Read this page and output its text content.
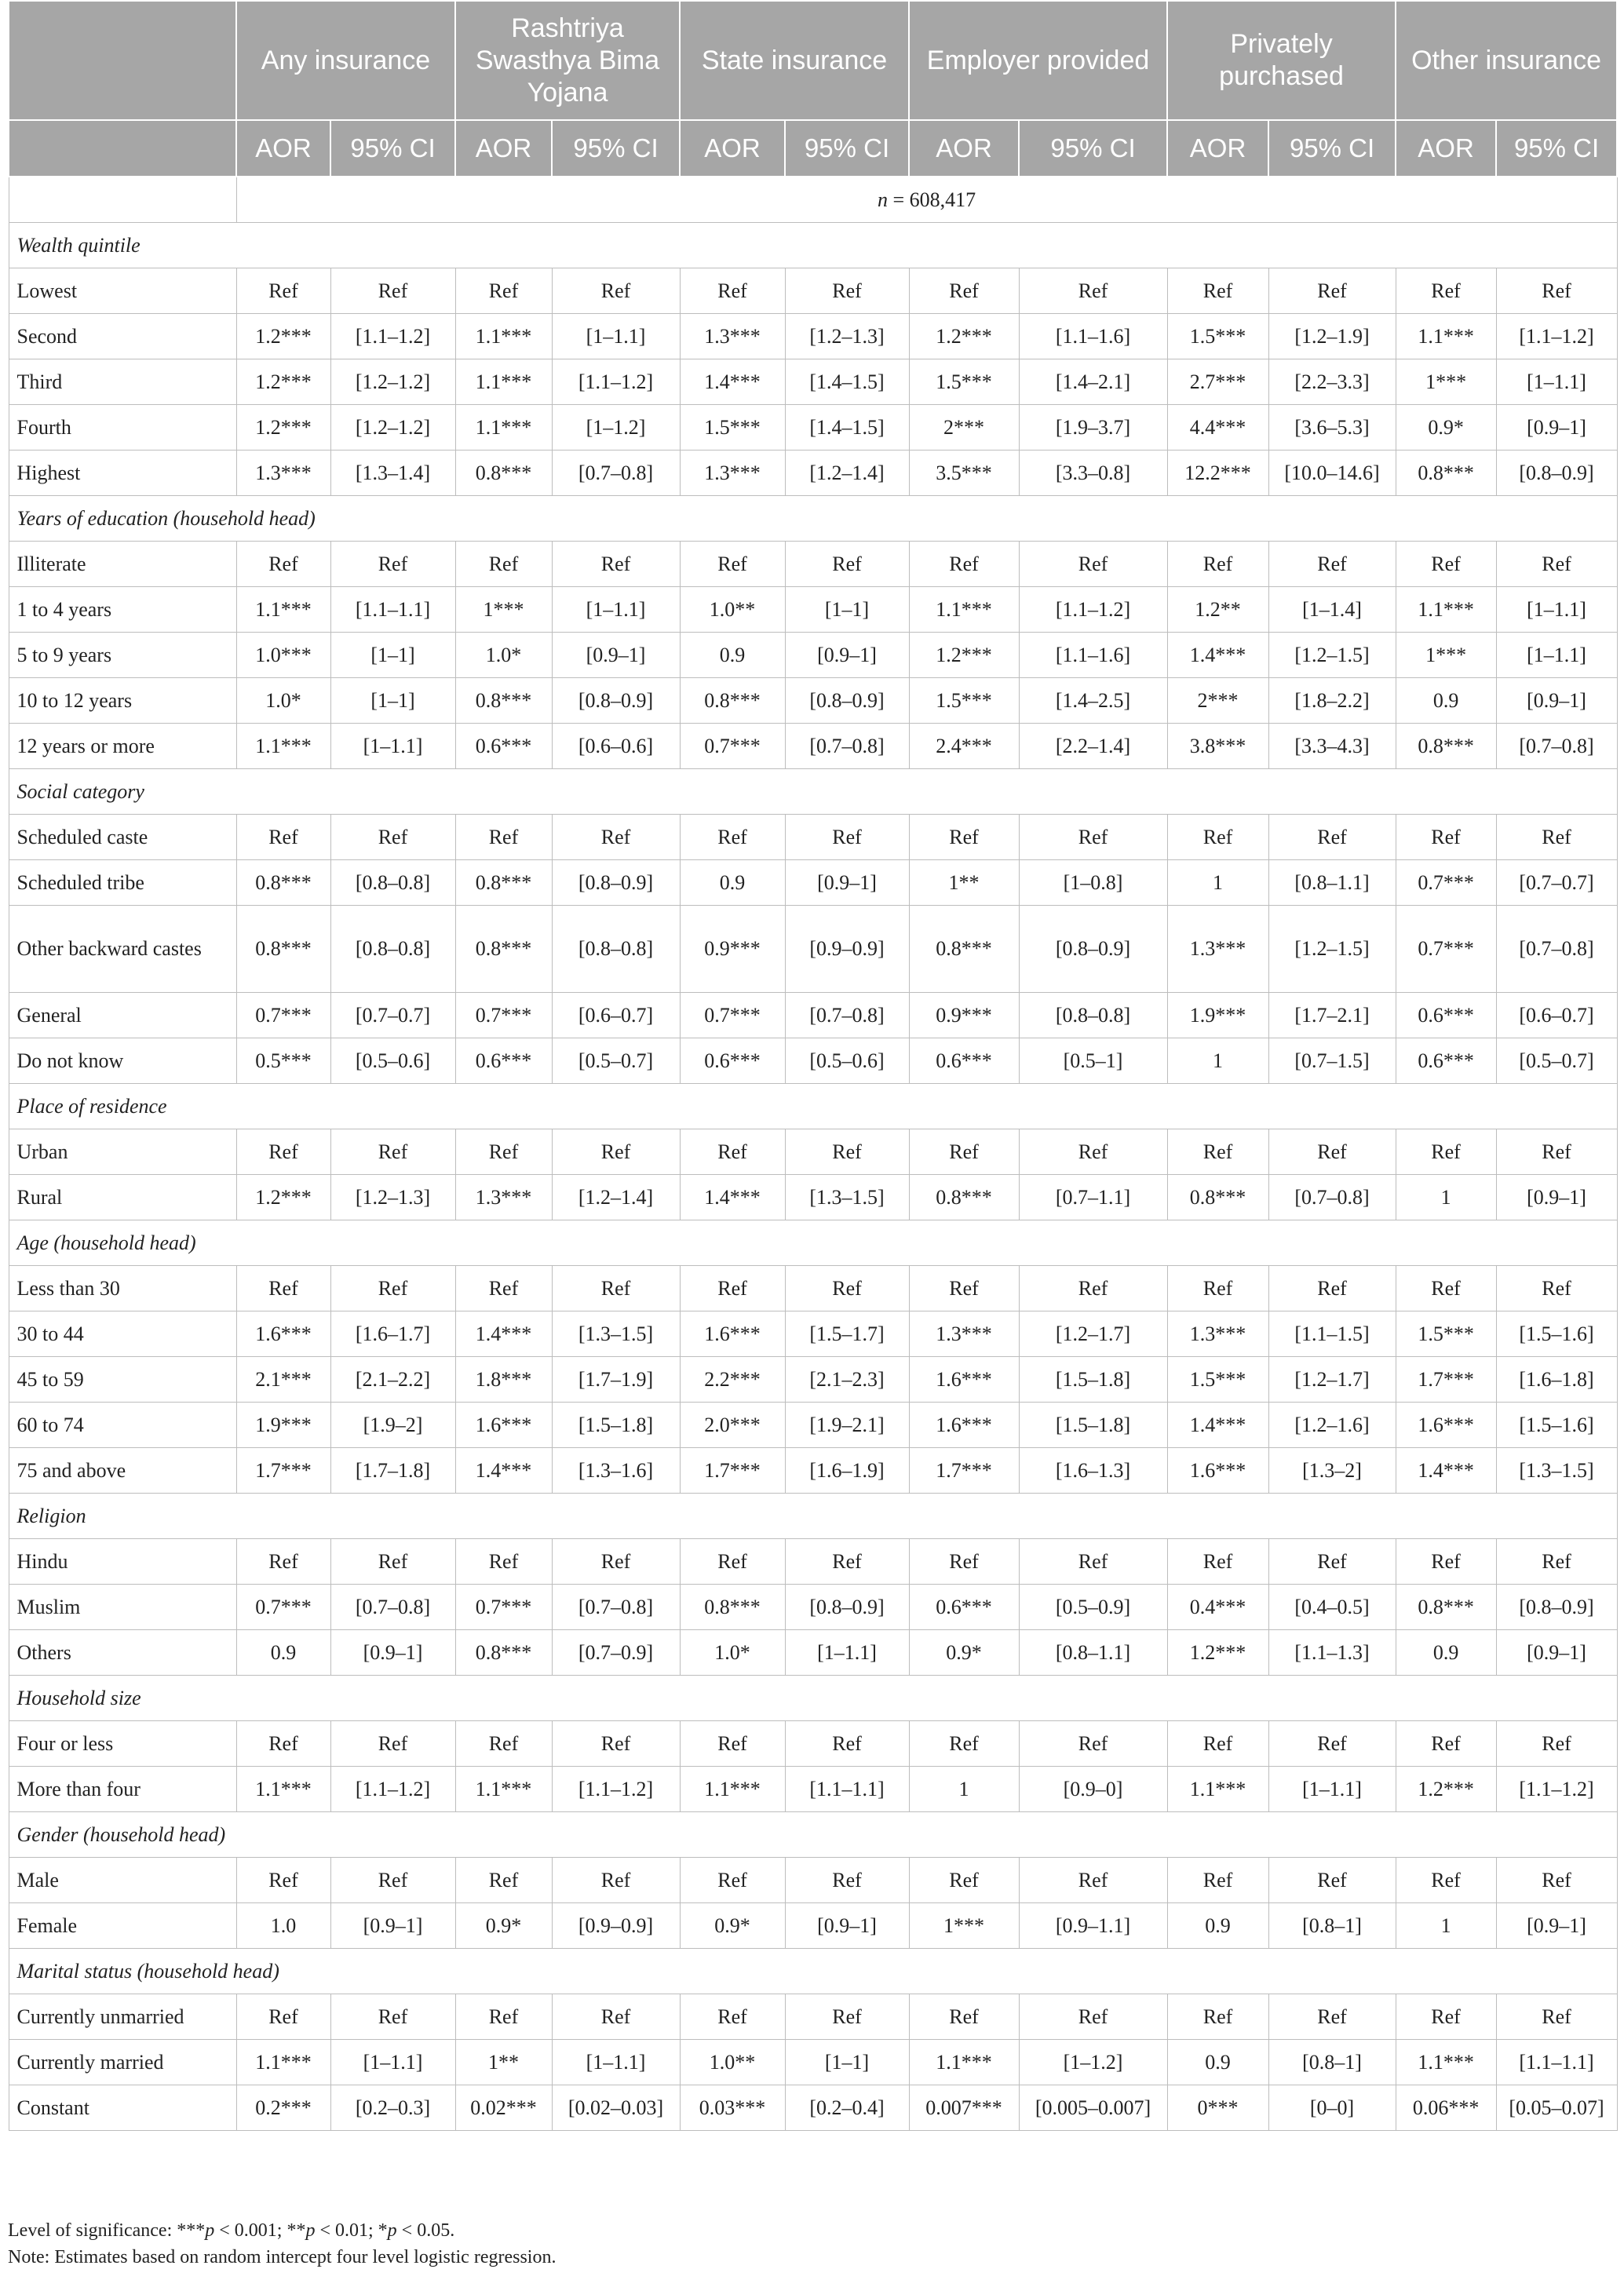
	Any insurance		Rashtriya Swasthya Bima Yojana		State insurance		Employer provided		Privately purchased		Other insurance	
	AOR	95% CI	AOR	95% CI	AOR	95% CI	AOR	95% CI	AOR	95% CI	AOR	95% CI
	n = 608,417											
Wealth quintile												
Lowest	Ref	Ref	Ref	Ref	Ref	Ref	Ref	Ref	Ref	Ref	Ref	Ref
Second	1.2***	[1.1–1.2]	1.1***	[1–1.1]	1.3***	[1.2–1.3]	1.2***	[1.1–1.6]	1.5***	[1.2–1.9]	1.1***	[1.1–1.2]
Third	1.2***	[1.2–1.2]	1.1***	[1.1–1.2]	1.4***	[1.4–1.5]	1.5***	[1.4–2.1]	2.7***	[2.2–3.3]	1***	[1–1.1]
Fourth	1.2***	[1.2–1.2]	1.1***	[1–1.2]	1.5***	[1.4–1.5]	2***	[1.9–3.7]	4.4***	[3.6–5.3]	0.9*	[0.9–1]
Highest	1.3***	[1.3–1.4]	0.8***	[0.7–0.8]	1.3***	[1.2–1.4]	3.5***	[3.3–0.8]	12.2***	[10.0–14.6]	0.8***	[0.8–0.9]
Years of education (household head)												
Illiterate	Ref	Ref	Ref	Ref	Ref	Ref	Ref	Ref	Ref	Ref	Ref	Ref
1 to 4 years	1.1***	[1.1–1.1]	1***	[1–1.1]	1.0**	[1–1]	1.1***	[1.1–1.2]	1.2**	[1–1.4]	1.1***	[1–1.1]
5 to 9 years	1.0***	[1–1]	1.0*	[0.9–1]	0.9	[0.9–1]	1.2***	[1.1–1.6]	1.4***	[1.2–1.5]	1***	[1–1.1]
10 to 12 years	1.0*	[1–1]	0.8***	[0.8–0.9]	0.8***	[0.8–0.9]	1.5***	[1.4–2.5]	2***	[1.8–2.2]	0.9	[0.9–1]
12 years or more	1.1***	[1–1.1]	0.6***	[0.6–0.6]	0.7***	[0.7–0.8]	2.4***	[2.2–1.4]	3.8***	[3.3–4.3]	0.8***	[0.7–0.8]
Social category												
Scheduled caste	Ref	Ref	Ref	Ref	Ref	Ref	Ref	Ref	Ref	Ref	Ref	Ref
Scheduled tribe	0.8***	[0.8–0.8]	0.8***	[0.8–0.9]	0.9	[0.9–1]	1**	[1–0.8]	1	[0.8–1.1]	0.7***	[0.7–0.7]
Other backward castes	0.8***	[0.8–0.8]	0.8***	[0.8–0.8]	0.9***	[0.9–0.9]	0.8***	[0.8–0.9]	1.3***	[1.2–1.5]	0.7***	[0.7–0.8]
General	0.7***	[0.7–0.7]	0.7***	[0.6–0.7]	0.7***	[0.7–0.8]	0.9***	[0.8–0.8]	1.9***	[1.7–2.1]	0.6***	[0.6–0.7]
Do not know	0.5***	[0.5–0.6]	0.6***	[0.5–0.7]	0.6***	[0.5–0.6]	0.6***	[0.5–1]	1	[0.7–1.5]	0.6***	[0.5–0.7]
Place of residence												
Urban	Ref	Ref	Ref	Ref	Ref	Ref	Ref	Ref	Ref	Ref	Ref	Ref
Rural	1.2***	[1.2–1.3]	1.3***	[1.2–1.4]	1.4***	[1.3–1.5]	0.8***	[0.7–1.1]	0.8***	[0.7–0.8]	1	[0.9–1]
Age (household head)												
Less than 30	Ref	Ref	Ref	Ref	Ref	Ref	Ref	Ref	Ref	Ref	Ref	Ref
30 to 44	1.6***	[1.6–1.7]	1.4***	[1.3–1.5]	1.6***	[1.5–1.7]	1.3***	[1.2–1.7]	1.3***	[1.1–1.5]	1.5***	[1.5–1.6]
45 to 59	2.1***	[2.1–2.2]	1.8***	[1.7–1.9]	2.2***	[2.1–2.3]	1.6***	[1.5–1.8]	1.5***	[1.2–1.7]	1.7***	[1.6–1.8]
60 to 74	1.9***	[1.9–2]	1.6***	[1.5–1.8]	2.0***	[1.9–2.1]	1.6***	[1.5–1.8]	1.4***	[1.2–1.6]	1.6***	[1.5–1.6]
75 and above	1.7***	[1.7–1.8]	1.4***	[1.3–1.6]	1.7***	[1.6–1.9]	1.7***	[1.6–1.3]	1.6***	[1.3–2]	1.4***	[1.3–1.5]
Religion												
Hindu	Ref	Ref	Ref	Ref	Ref	Ref	Ref	Ref	Ref	Ref	Ref	Ref
Muslim	0.7***	[0.7–0.8]	0.7***	[0.7–0.8]	0.8***	[0.8–0.9]	0.6***	[0.5–0.9]	0.4***	[0.4–0.5]	0.8***	[0.8–0.9]
Others	0.9	[0.9–1]	0.8***	[0.7–0.9]	1.0*	[1–1.1]	0.9*	[0.8–1.1]	1.2***	[1.1–1.3]	0.9	[0.9–1]
Household size												
Four or less	Ref	Ref	Ref	Ref	Ref	Ref	Ref	Ref	Ref	Ref	Ref	Ref
More than four	1.1***	[1.1–1.2]	1.1***	[1.1–1.2]	1.1***	[1.1–1.1]	1	[0.9–0]	1.1***	[1–1.1]	1.2***	[1.1–1.2]
Gender (household head)												
Male	Ref	Ref	Ref	Ref	Ref	Ref	Ref	Ref	Ref	Ref	Ref	Ref
Female	1.0	[0.9–1]	0.9*	[0.9–0.9]	0.9*	[0.9–1]	1***	[0.9–1.1]	0.9	[0.8–1]	1	[0.9–1]
Marital status (household head)												
Currently unmarried	Ref	Ref	Ref	Ref	Ref	Ref	Ref	Ref	Ref	Ref	Ref	Ref
Currently married	1.1***	[1–1.1]	1**	[1–1.1]	1.0**	[1–1]	1.1***	[1–1.2]	0.9	[0.8–1]	1.1***	[1.1–1.1]
Constant	0.2***	[0.2–0.3]	0.02***	[0.02–0.03]	0.03***	[0.2–0.4]	0.007***	[0.005–0.007]	0***	[0–0]	0.06***	[0.05–0.07]
Level of significance: ***p < 0.001; **p < 0.01; *p < 0.05.
Note: Estimates based on random intercept four level logistic regression.
